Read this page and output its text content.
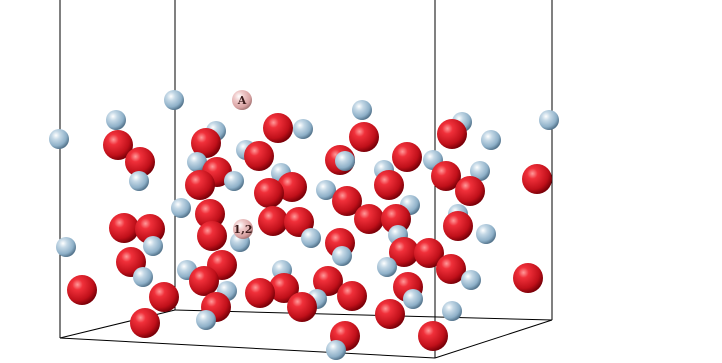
A
1,2
